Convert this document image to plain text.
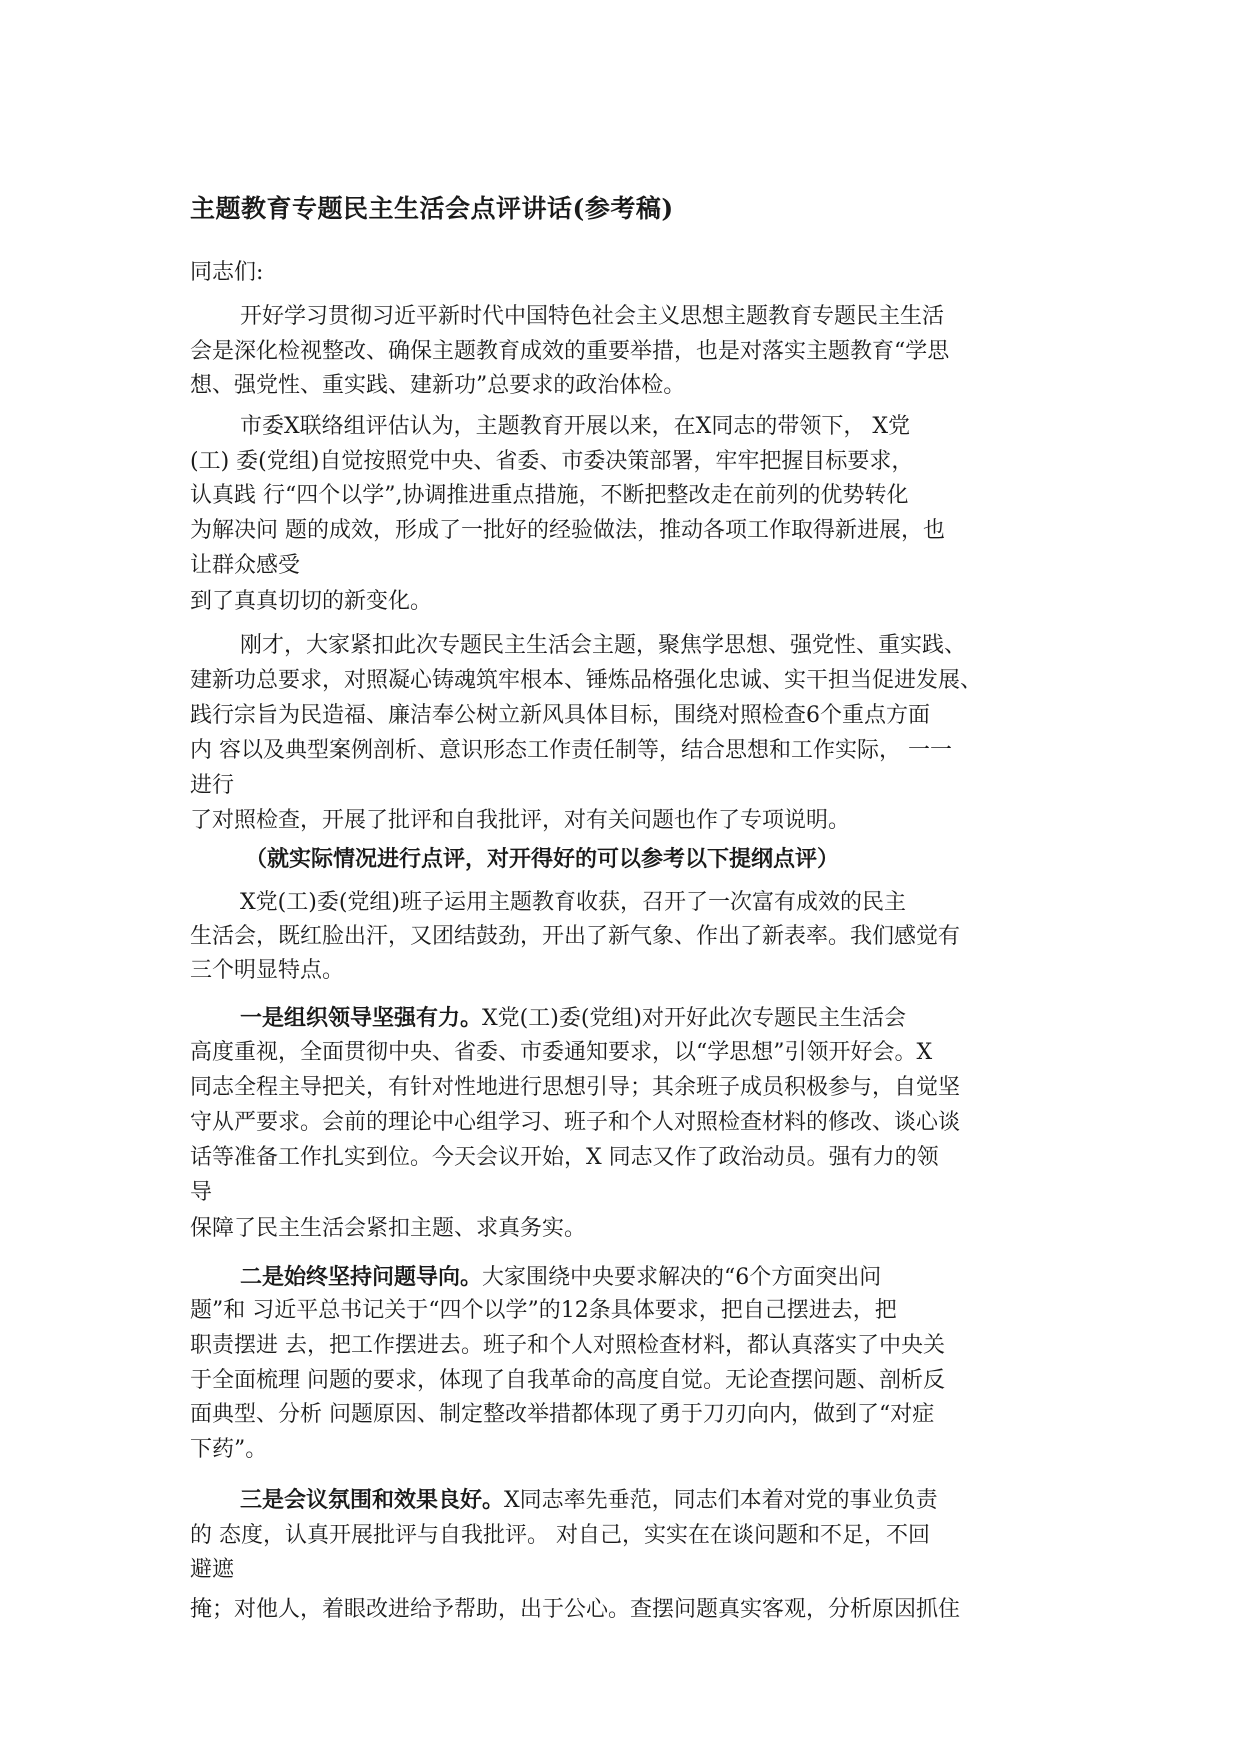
主题教育专题民主生活会点评讲话(参考稿)

同志们:

开好学习贯彻习近平新时代中国特色社会主义思想主题教育专题民主生活

会是深化检视整改、确保主题教育成效的重要举措，也是对落实主题教育“学思

想、强党性、重实践、建新功”总要求的政治体检。

市委X联络组评估认为，主题教育开展以来，在X同志的带领下， X党

(工) 委(党组)自觉按照党中央、省委、市委决策部署，牢牢把握目标要求，

认真践 行“四个以学”,协调推进重点措施，不断把整改走在前列的优势转化

为解决问 题的成效，形成了一批好的经验做法，推动各项工作取得新进展，也

让群众感受

到了真真切切的新变化。

刚才，大家紧扣此次专题民主生活会主题，聚焦学思想、强党性、重实践、

建新功总要求，对照凝心铸魂筑牢根本、锤炼品格强化忠诚、实干担当促进发展、

践行宗旨为民造福、廉洁奉公树立新风具体目标，围绕对照检查6个重点方面

内 容以及典型案例剖析、意识形态工作责任制等，结合思想和工作实际， 一一

进行

了对照检查，开展了批评和自我批评，对有关问题也作了专项说明。

（就实际情况进行点评，对开得好的可以参考以下提纲点评）

X党(工)委(党组)班子运用主题教育收获，召开了一次富有成效的民主

生活会，既红脸出汗，又团结鼓劲，开出了新气象、作出了新表率。我们感觉有

三个明显特点。

一是组织领导坚强有力。X党(工)委(党组)对开好此次专题民主生活会

高度重视，全面贯彻中央、省委、市委通知要求，以“学思想”引领开好会。X

同志全程主导把关，有针对性地进行思想引导；其余班子成员积极参与，自觉坚

守从严要求。会前的理论中心组学习、班子和个人对照检查材料的修改、谈心谈

话等准备工作扎实到位。今天会议开始，X 同志又作了政治动员。强有力的领

导

保障了民主生活会紧扣主题、求真务实。

二是始终坚持问题导向。大家围绕中央要求解决的“6个方面突出问

题”和 习近平总书记关于“四个以学”的12条具体要求，把自己摆进去，把

职责摆进 去，把工作摆进去。班子和个人对照检查材料，都认真落实了中央关

于全面梳理 问题的要求，体现了自我革命的高度自觉。无论查摆问题、剖析反

面典型、分析 问题原因、制定整改举措都体现了勇于刀刃向内，做到了“对症

下药”。

三是会议氛围和效果良好。X同志率先垂范，同志们本着对党的事业负责

的 态度，认真开展批评与自我批评。 对自己，实实在在谈问题和不足，不回

避遮

掩；对他人，着眼改进给予帮助，出于公心。查摆问题真实客观，分析原因抓住
